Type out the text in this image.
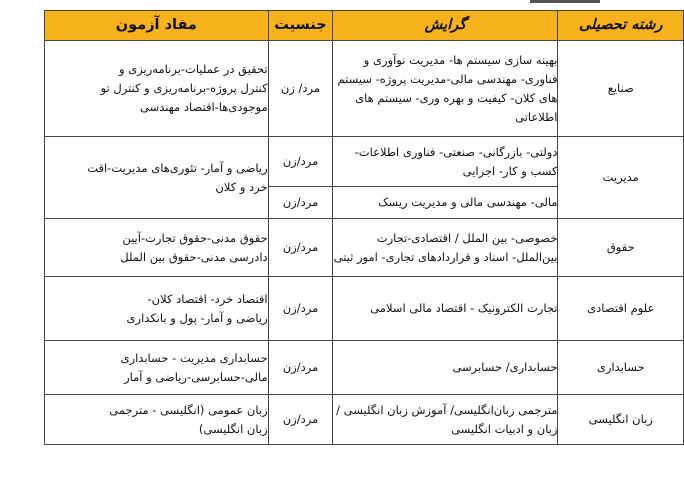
رشته تحصیلی	گرایش	جنسیت	مفاد آزمون
صنایع	بهینه سازی سیستم ها- مدیریت نوآوری و
فناوری- مهندسی مالی-مدیریت پروژه- سیستم
های کلان- کیفیت و بهره وری- سیستم های
اطلاعاتی	مرد/ زن	تحقیق در عملیات-برنامه‌ریزی و
کنترل پروژه-برنامه‌ریزی و کنترل تو
موجودی‌ها-اقتصاد مهندسی

مدیریت	دولتی- بازرگانی- صنعتی- فناوری اطلاعات-
کسب و کار- اجرایی	مرد/زن	ریاضی و آمار- تئوری‌های مدیریت-اقت
خرد و کلان

	مالی- مهندسی مالی و مدیریت ریسک	مرد/زن	
حقوق	خصوصی- بین الملل / اقتصادی-تجارت
بین‌الملل- اسناد و قراردادهای تجاری- امور ثبتی	مرد/زن	حقوق مدنی-حقوق تجارت-آیین
دادرسی مدنی-حقوق بین الملل

علوم اقتصادی	تجارت الکترونیک - اقتصاد مالی اسلامی	مرد/زن	اقتصاد خرد- اقتصاد کلان-
ریاضی و آمار- پول و بانکداری

حسابداری	حسابداری/ حسابرسی	مرد/زن	حسابداری مدیریت - حسابداری
مالی-حسابرسی-ریاضی و آمار

زبان انگلیسی	مترجمی زبان‌انگلیسی/ آموزش زبان انگلیسی /
زبان و ادبیات انگلیسی	مرد/زن	زبان عمومی (انگلیسی - مترجمی
زبان انگلیسی)
